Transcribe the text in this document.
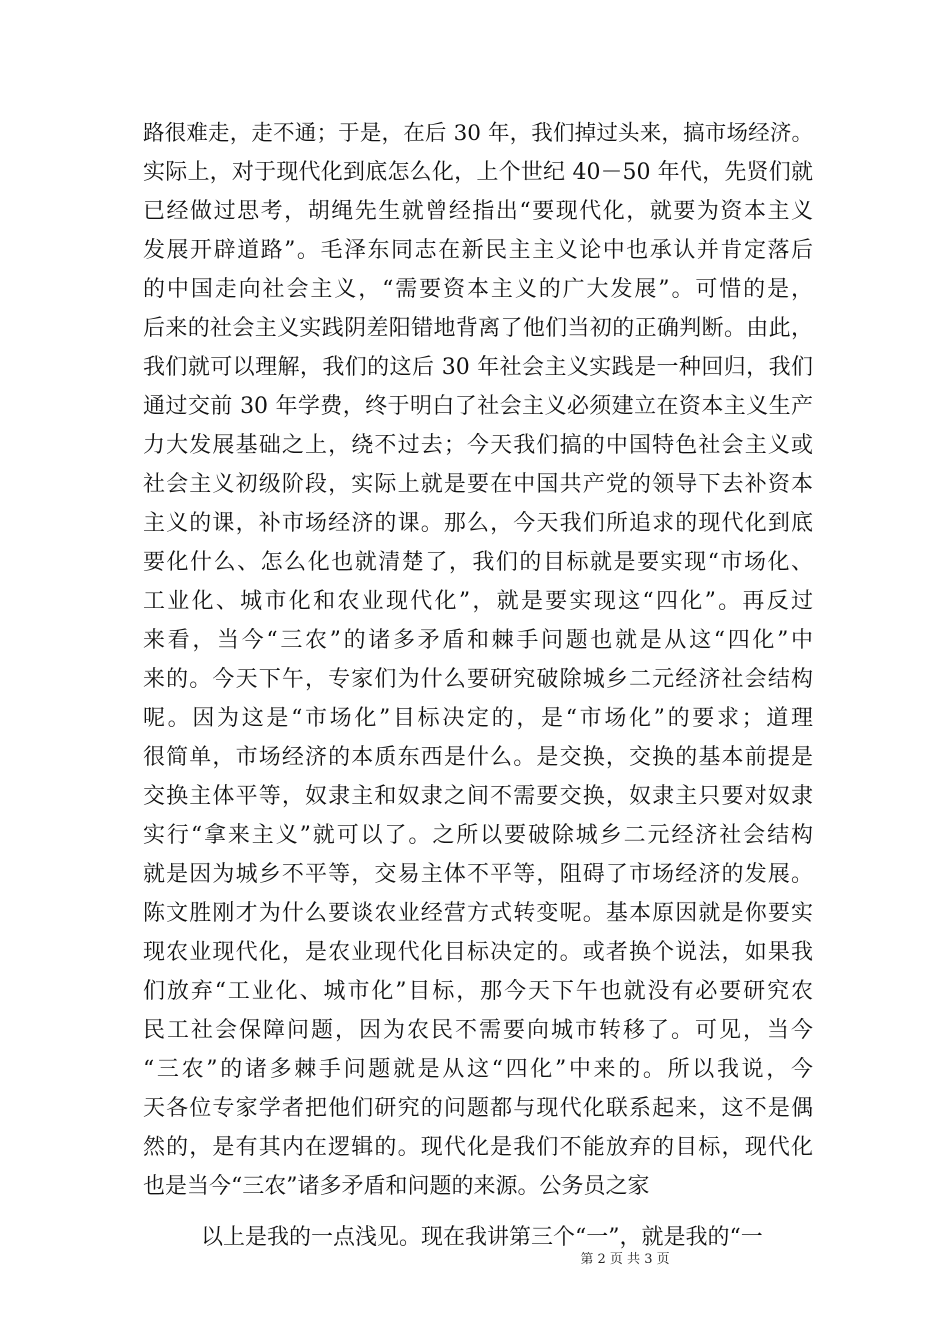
路很难走，走不通；于是，在后 30 年，我们掉过头来，搞市场经济。
实际上，对于现代化到底怎么化，上个世纪 40－50 年代，先贤们就
已经做过思考，胡绳先生就曾经指出“要现代化，就要为资本主义
发展开辟道路”。毛泽东同志在新民主主义论中也承认并肯定落后
的中国走向社会主义，“需要资本主义的广大发展”。可惜的是，
后来的社会主义实践阴差阳错地背离了他们当初的正确判断。由此，
我们就可以理解，我们的这后 30 年社会主义实践是一种回归，我们
通过交前 30 年学费，终于明白了社会主义必须建立在资本主义生产
力大发展基础之上，绕不过去；今天我们搞的中国特色社会主义或
社会主义初级阶段，实际上就是要在中国共产党的领导下去补资本
主义的课，补市场经济的课。那么，今天我们所追求的现代化到底
要化什么、怎么化也就清楚了，我们的目标就是要实现“市场化、
工业化、城市化和农业现代化”，就是要实现这“四化”。再反过
来看，当今“三农”的诸多矛盾和棘手问题也就是从这“四化”中
来的。今天下午，专家们为什么要研究破除城乡二元经济社会结构
呢。因为这是“市场化”目标决定的，是“市场化”的要求；道理
很简单，市场经济的本质东西是什么。是交换，交换的基本前提是
交换主体平等，奴隶主和奴隶之间不需要交换，奴隶主只要对奴隶
实行“拿来主义”就可以了。之所以要破除城乡二元经济社会结构
就是因为城乡不平等，交易主体不平等，阻碍了市场经济的发展。
陈文胜刚才为什么要谈农业经营方式转变呢。基本原因就是你要实
现农业现代化，是农业现代化目标决定的。或者换个说法，如果我
们放弃“工业化、城市化”目标，那今天下午也就没有必要研究农
民工社会保障问题，因为农民不需要向城市转移了。可见，当今
“三农”的诸多棘手问题就是从这“四化”中来的。所以我说，今
天各位专家学者把他们研究的问题都与现代化联系起来，这不是偶
然的，是有其内在逻辑的。现代化是我们不能放弃的目标，现代化
也是当今“三农”诸多矛盾和问题的来源。公务员之家
以上是我的一点浅见。现在我讲第三个“一”，就是我的“一
第 2 页 共 3 页
